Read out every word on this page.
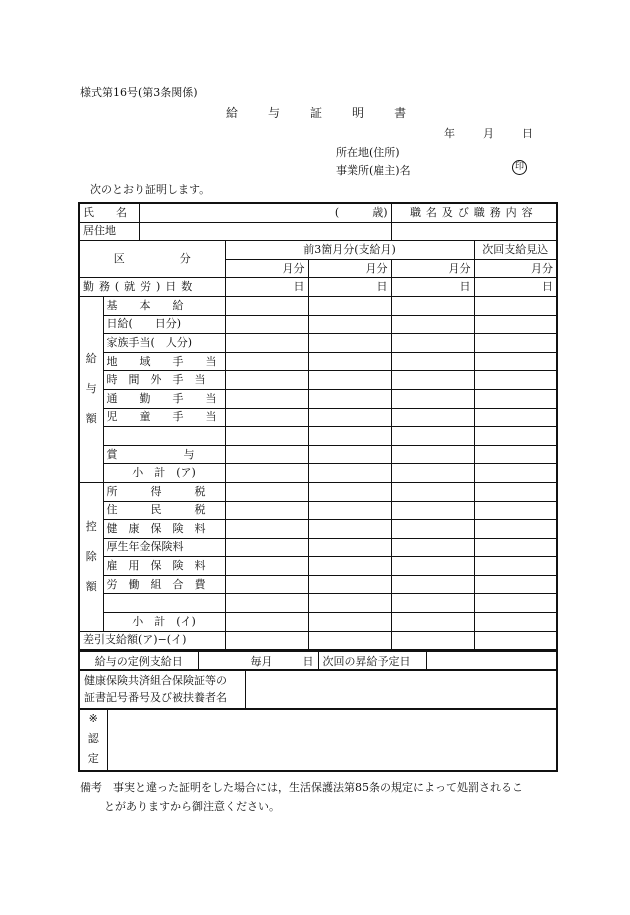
様式第16号(第3条関係)
給	与	証	明	書
年	月	日
所在地(住所)
事業所(雇主)名	印
次のとおり証明します。
氏　　名		(　　　歳)			職名及び職務内容	
居住地						
区　　　　　分			前3箇月分(支給月)			次回支給見込
			月分	月分	月分	月分
勤務(就労)日数			日	日	日	日

給
与
額	基　　本　　給					
	日給(　　日分)					
	家族手当(　人分)					
	地　　域　　手　　当					
	時　間　外　手　当					
	通　　勤　　手　　当					
	児　　童　　手　　当					

	賞　　　　　　与					
	小　計　(ア)					

控
除
額	所　　　得　　　税					
	住　　　民　　　税					
	健　康　保　険　料					
	厚生年金保険料					
	雇　用　保　険　料					
	労　働　組　合　費					

	小　計　(イ)					
差引支給額(ア)−(イ)						
給与の定例支給日	毎月	日	次回の昇給予定日	
健康保険共済組合保険証等の
証書記号番号及び被扶養者名

※
認
定

備考　事実と違った証明をした場合には，生活保護法第85条の規定によって処罰されるこ
とがありますから御注意ください。
